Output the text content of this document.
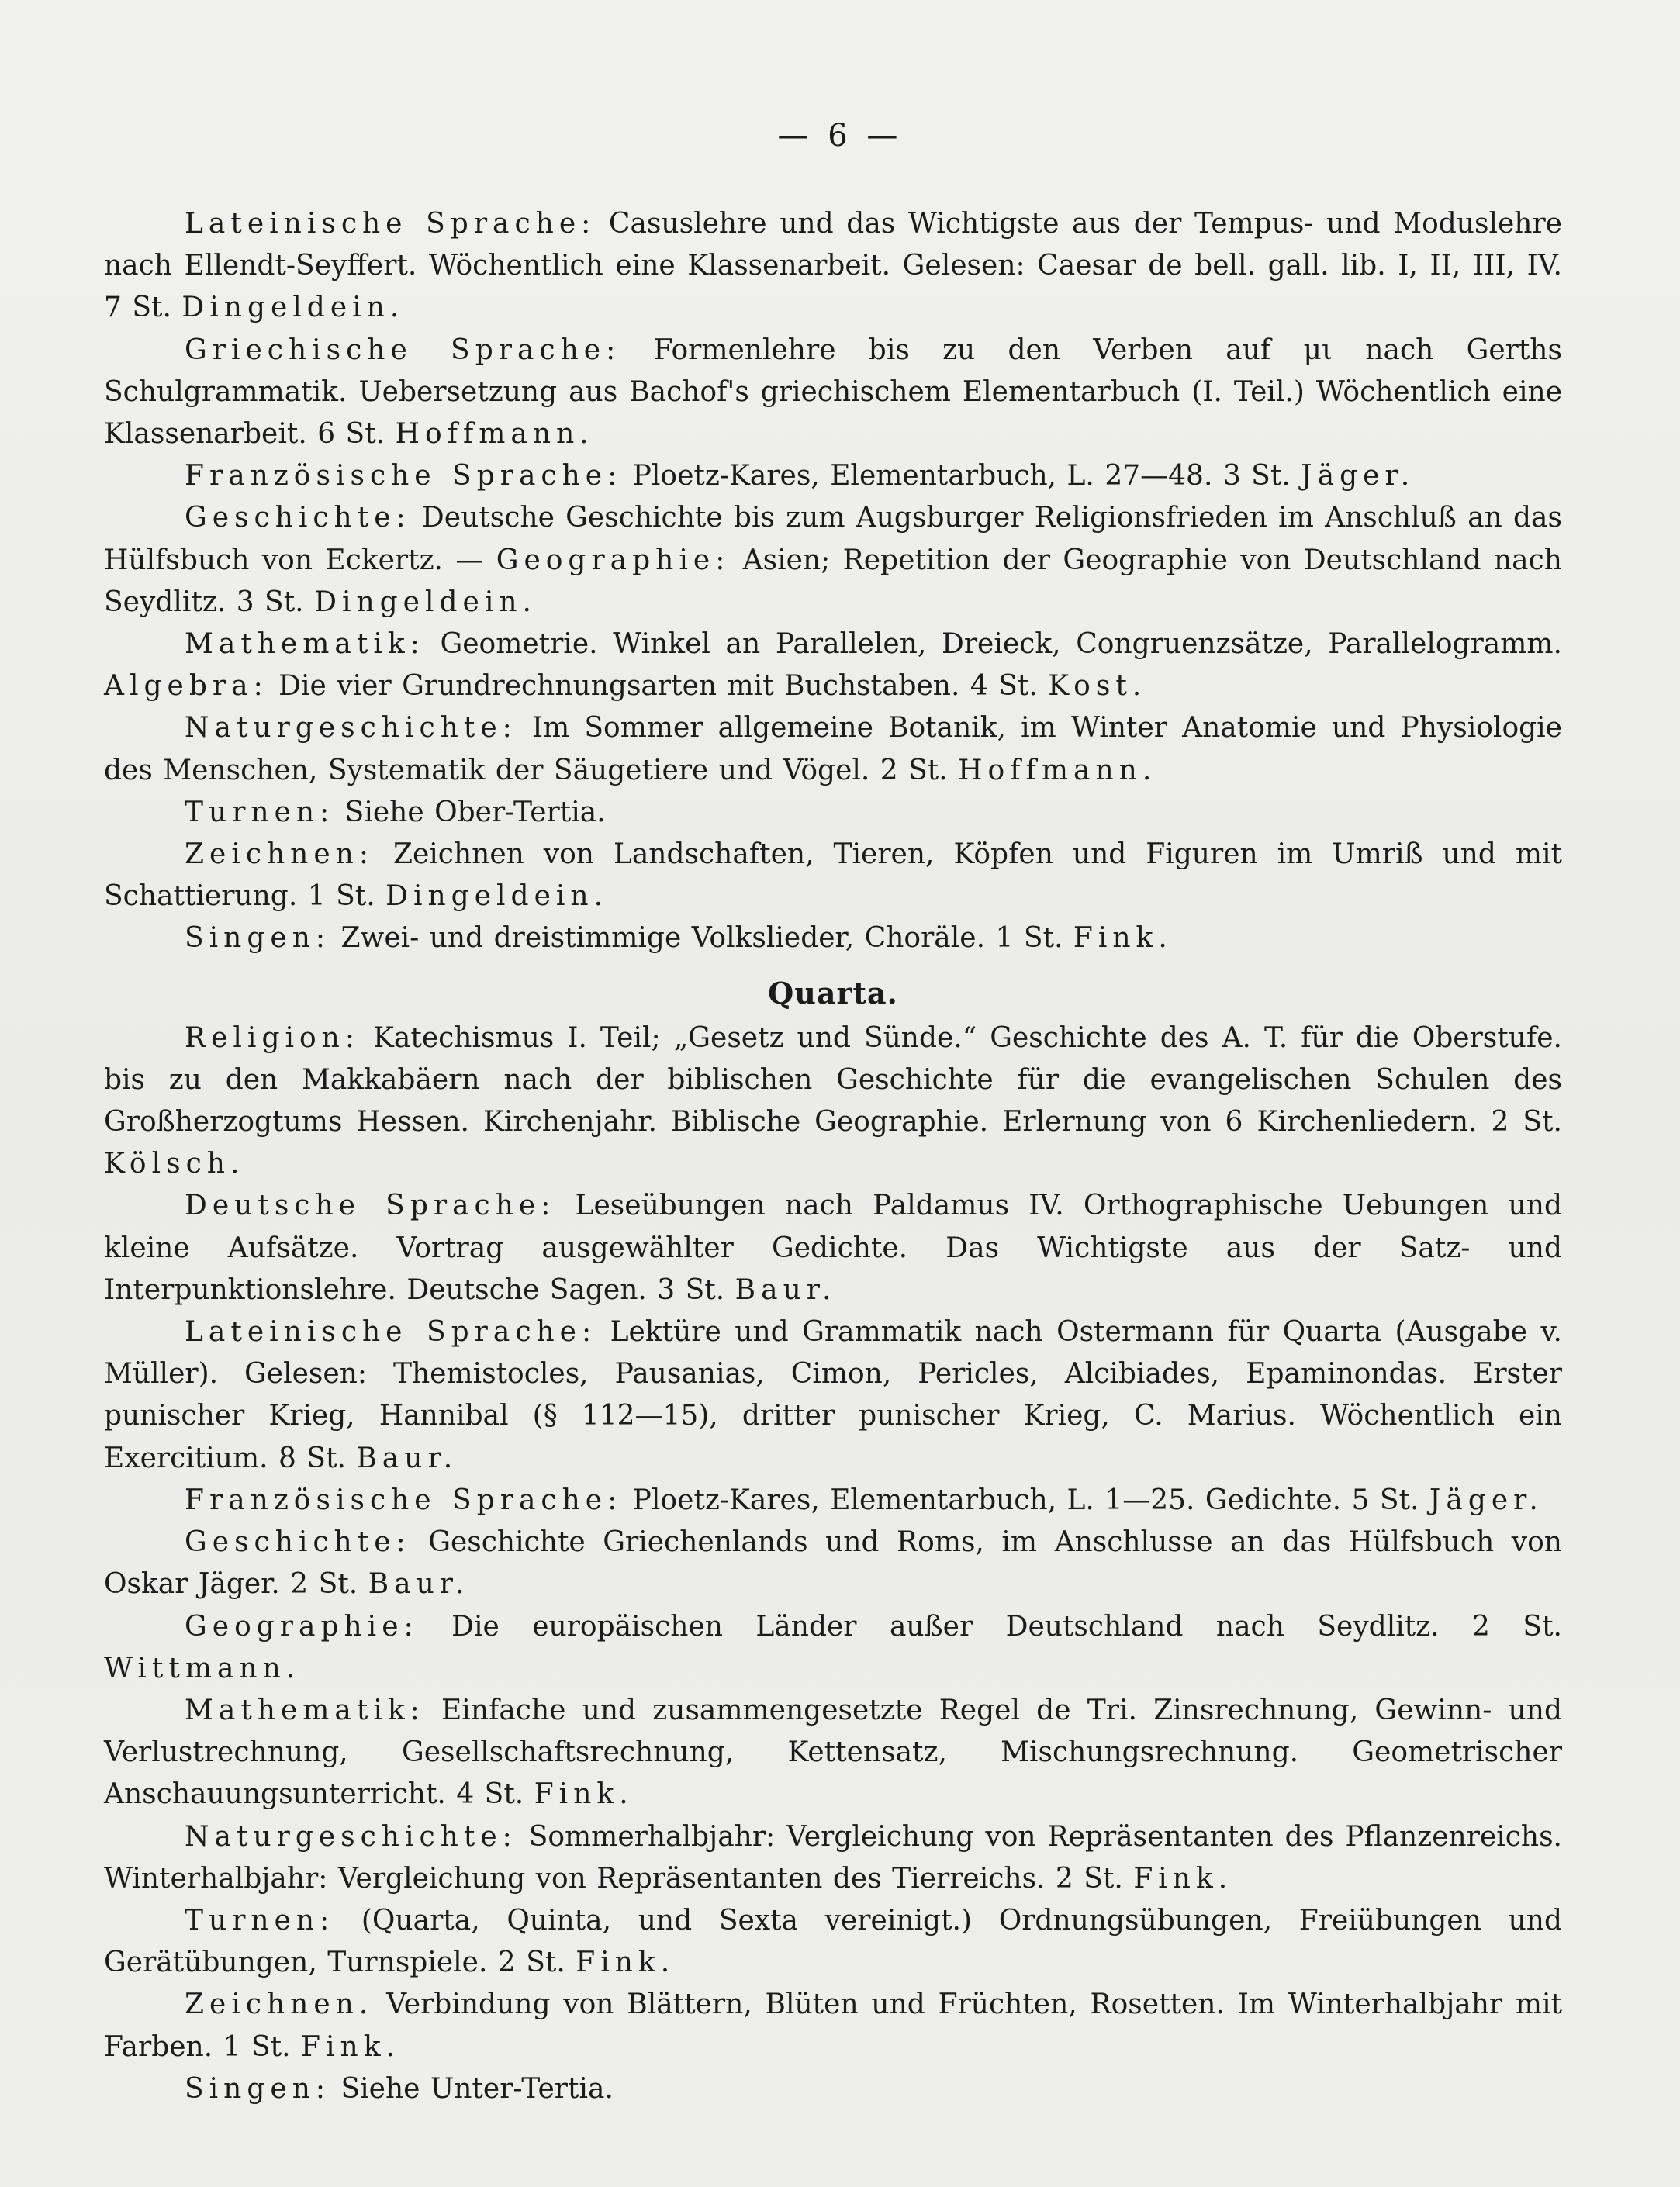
— 6 —

Lateinische Sprache: Casuslehre und das Wichtigste aus der Tempus- und Moduslehre nach Ellendt-Seyffert. Wöchentlich eine Klassenarbeit. Gelesen: Caesar de bell. gall. lib. I, II, III, IV. 7 St. Dingeldein.

Griechische Sprache: Formenlehre bis zu den Verben auf μι nach Gerths Schulgrammatik. Uebersetzung aus Bachof's griechischem Elementarbuch (I. Teil.) Wöchentlich eine Klassenarbeit. 6 St. Hoffmann.

Französische Sprache: Ploetz-Kares, Elementarbuch, L. 27—48. 3 St. Jäger.

Geschichte: Deutsche Geschichte bis zum Augsburger Religionsfrieden im Anschluß an das Hülfsbuch von Eckertz. — Geographie: Asien; Repetition der Geographie von Deutschland nach Seydlitz. 3 St. Dingeldein.

Mathematik: Geometrie. Winkel an Parallelen, Dreieck, Congruenzsätze, Parallelogramm. Algebra: Die vier Grundrechnungsarten mit Buchstaben. 4 St. Kost.

Naturgeschichte: Im Sommer allgemeine Botanik, im Winter Anatomie und Physiologie des Menschen, Systematik der Säugetiere und Vögel. 2 St. Hoffmann.

Turnen: Siehe Ober-Tertia.

Zeichnen: Zeichnen von Landschaften, Tieren, Köpfen und Figuren im Umriß und mit Schattierung. 1 St. Dingeldein.

Singen: Zwei- und dreistimmige Volkslieder, Choräle. 1 St. Fink.

Quarta.

Religion: Katechismus I. Teil; „Gesetz und Sünde.“ Geschichte des A. T. für die Oberstufe. bis zu den Makkabäern nach der biblischen Geschichte für die evangelischen Schulen des Großherzogtums Hessen. Kirchenjahr. Biblische Geographie. Erlernung von 6 Kirchenliedern. 2 St. Kölsch.

Deutsche Sprache: Leseübungen nach Paldamus IV. Orthographische Uebungen und kleine Aufsätze. Vortrag ausgewählter Gedichte. Das Wichtigste aus der Satz- und Interpunktionslehre. Deutsche Sagen. 3 St. Baur.

Lateinische Sprache: Lektüre und Grammatik nach Ostermann für Quarta (Ausgabe v. Müller). Gelesen: Themistocles, Pausanias, Cimon, Pericles, Alcibiades, Epaminondas. Erster punischer Krieg, Hannibal (§ 112—15), dritter punischer Krieg, C. Marius. Wöchentlich ein Exercitium. 8 St. Baur.

Französische Sprache: Ploetz-Kares, Elementarbuch, L. 1—25. Gedichte. 5 St. Jäger.

Geschichte: Geschichte Griechenlands und Roms, im Anschlusse an das Hülfsbuch von Oskar Jäger. 2 St. Baur.

Geographie: Die europäischen Länder außer Deutschland nach Seydlitz. 2 St. Wittmann.

Mathematik: Einfache und zusammengesetzte Regel de Tri. Zinsrechnung, Gewinn- und Verlustrechnung, Gesellschaftsrechnung, Kettensatz, Mischungsrechnung. Geometrischer Anschauungsunterricht. 4 St. Fink.

Naturgeschichte: Sommerhalbjahr: Vergleichung von Repräsentanten des Pflanzenreichs. Winterhalbjahr: Vergleichung von Repräsentanten des Tierreichs. 2 St. Fink.

Turnen: (Quarta, Quinta, und Sexta vereinigt.) Ordnungsübungen, Freiübungen und Gerätübungen, Turnspiele. 2 St. Fink.

Zeichnen. Verbindung von Blättern, Blüten und Früchten, Rosetten. Im Winterhalbjahr mit Farben. 1 St. Fink.

Singen: Siehe Unter-Tertia.
